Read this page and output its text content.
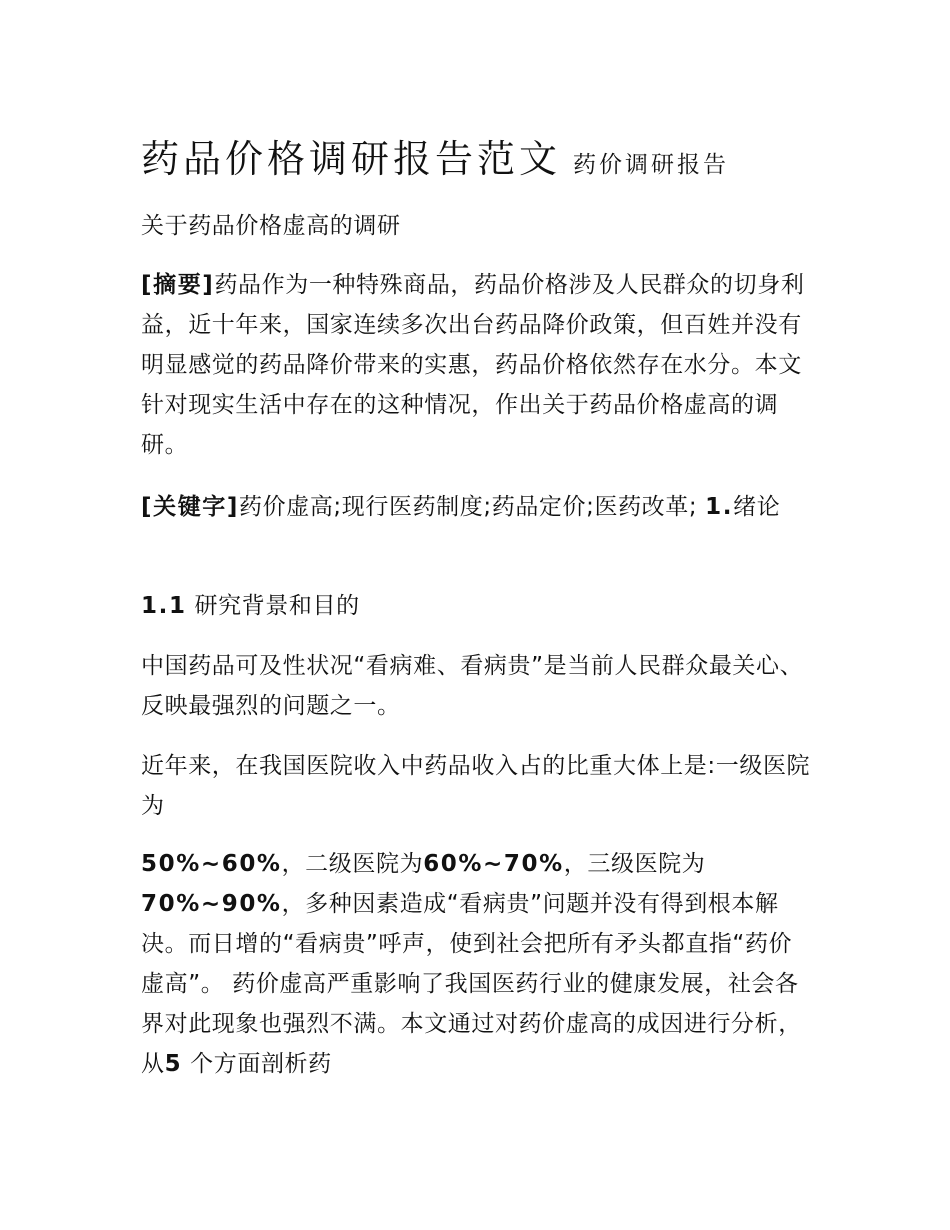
药品价格调研报告范文 药价调研报告
关于药品价格虚高的调研
[摘要]药品作为一种特殊商品，药品价格涉及人民群众的切身利益，近十年来，国家连续多次出台药品降价政策，但百姓并没有明显感觉的药品降价带来的实惠，药品价格依然存在水分。本文针对现实生活中存在的这种情况，作出关于药品价格虚高的调研。
[关键字]药价虚高;现行医药制度;药品定价;医药改革; 1.绪论
1.1 研究背景和目的
中国药品可及性状况“看病难、看病贵”是当前人民群众最关心、反映最强烈的问题之一。
近年来，在我国医院收入中药品收入占的比重大体上是:一级医院为
50%~60%，二级医院为60%~70%，三级医院为70%~90%，多种因素造成“看病贵”问题并没有得到根本解决。而日增的“看病贵”呼声，使到社会把所有矛头都直指“药价虚高”。 药价虚高严重影响了我国医药行业的健康发展，社会各界对此现象也强烈不满。本文通过对药价虚高的成因进行分析，从5 个方面剖析药
